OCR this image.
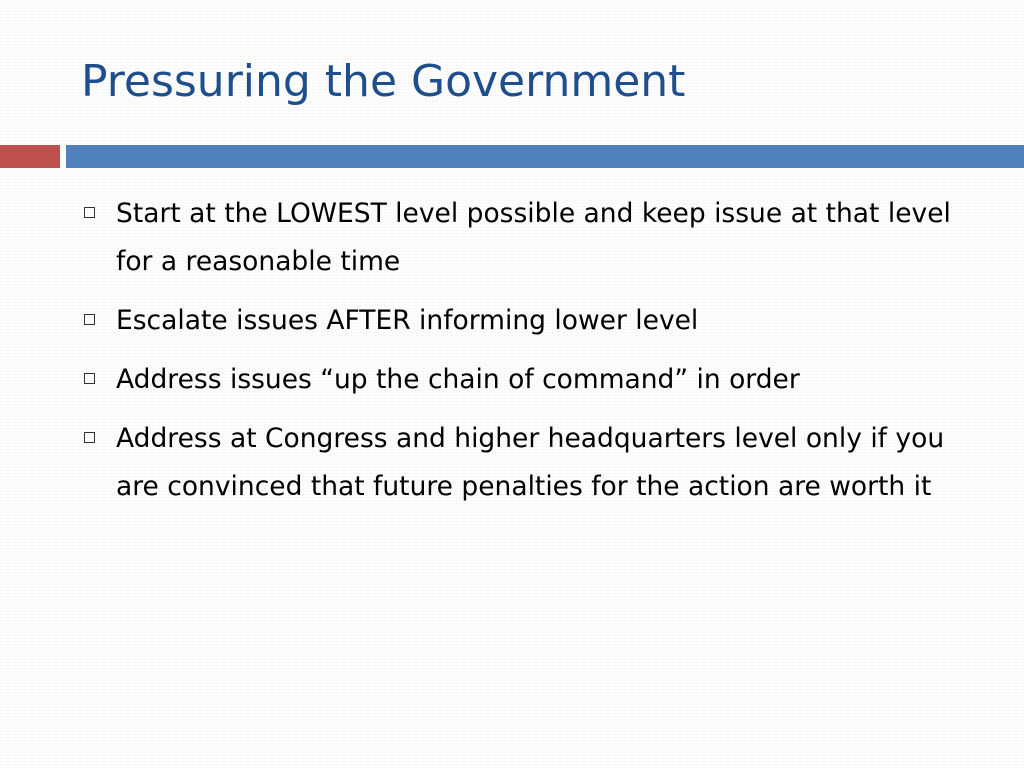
Pressuring the Government
Start at the LOWEST level possible and keep issue at that level for a reasonable time
Escalate issues AFTER informing lower level
Address issues “up the chain of command” in order
Address at Congress and higher headquarters level only if you are convinced that future penalties for the action are worth it
